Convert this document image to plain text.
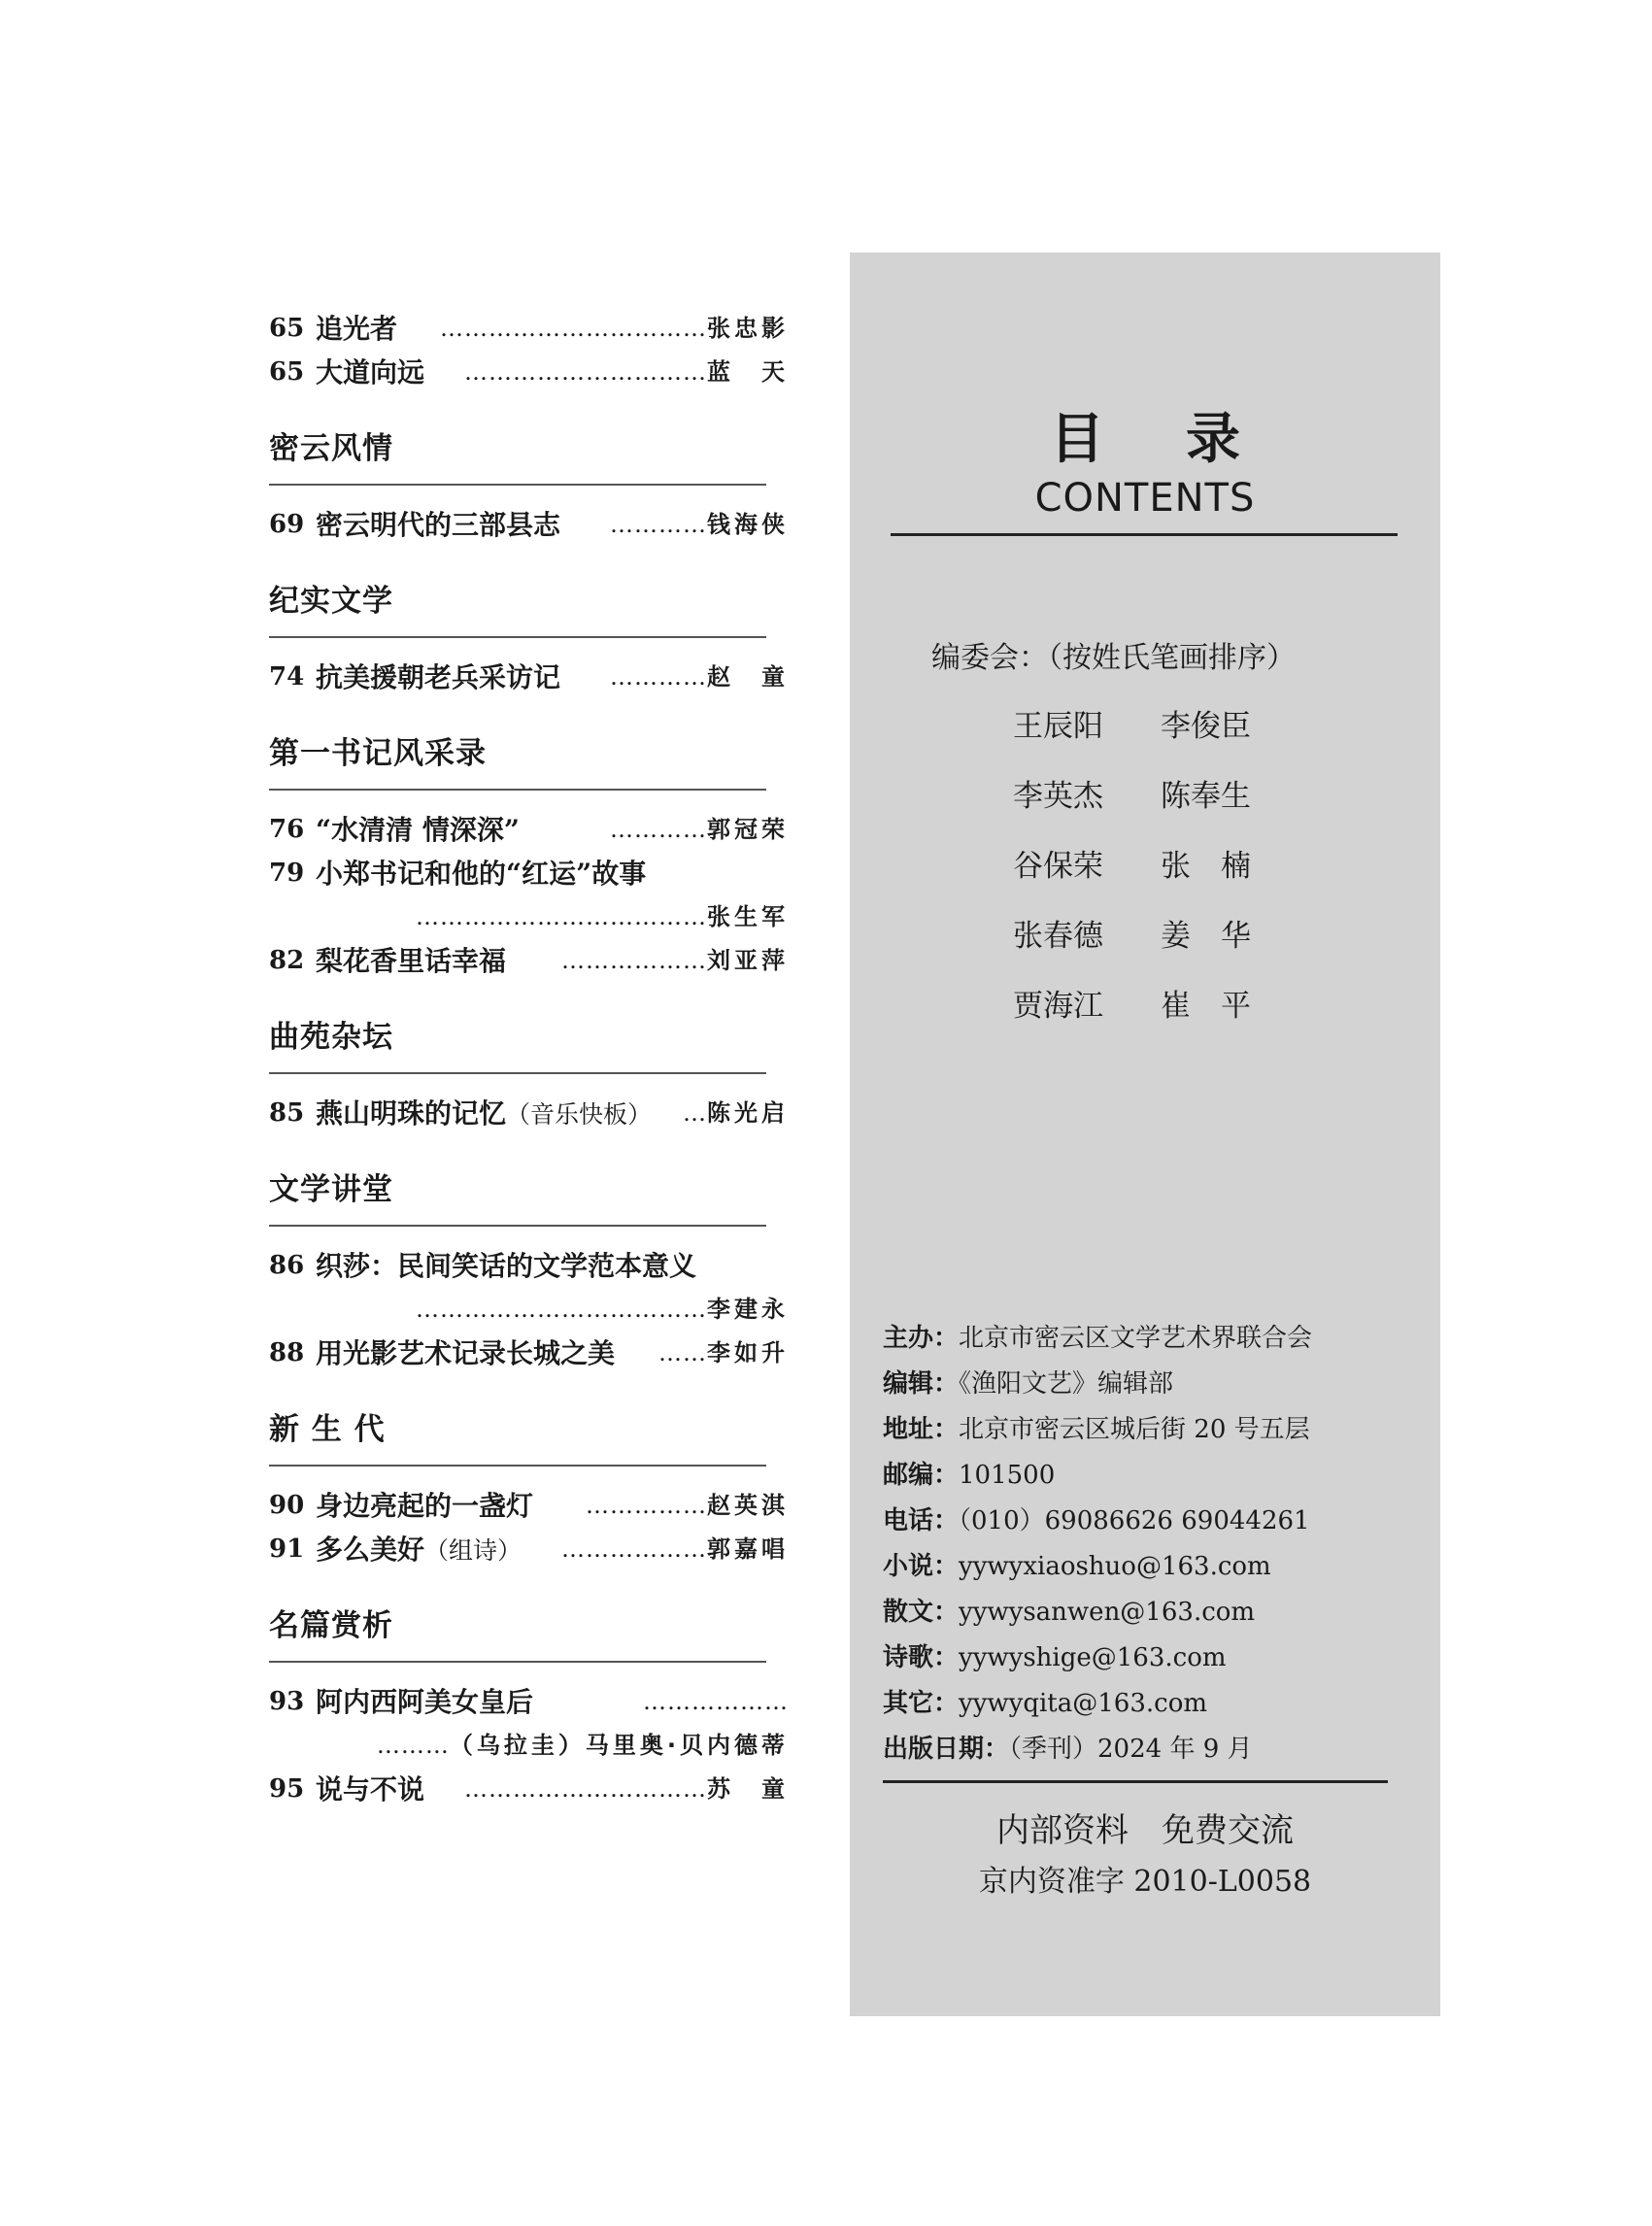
65 追光者 ……………………………张忠影
65 大道向远 …………………………蓝　天
密云风情
69 密云明代的三部县志 …………钱海侠
纪实文学
74 抗美援朝老兵采访记 …………赵　童
第一书记风采录
76 “水清清 情深深”	…………郭冠荣
79 小郑书记和他的“红运”故事
………………………………张生军
82 梨花香里话幸福 ………………刘亚萍
曲苑杂坛
85 燕山明珠的记忆（音乐快板） …陈光启
文学讲堂
86 织莎：民间笑话的文学范本意义
………………………………李建永
88 用光影艺术记录长城之美 ……李如升
新 生 代
90 身边亮起的一盏灯 ……………赵英淇
91 多么美好（组诗） ………………郭嘉唱
名篇赏析
93 阿内西阿美女皇后	………………
………（乌拉圭）马里奥·贝内德蒂
95 说与不说 …………………………苏　童
目录
CONTENTS
编委会：（按姓氏笔画排序）
王辰阳	李俊臣
李英杰	陈奉生
谷保荣	张　楠
张春德	姜　华
贾海江	崔　平
主办：北京市密云区文学艺术界联合会
编辑：《渔阳文艺》编辑部
地址：北京市密云区城后街 20 号五层
邮编：101500
电话：（010）69086626 69044261
小说：yywyxiaoshuo@163.com
散文：yywysanwen@163.com
诗歌：yywyshige@163.com
其它：yywyqita@163.com
出版日期：（季刊）2024 年 9 月
内部资料　免费交流
京内资准字 2010-L0058
